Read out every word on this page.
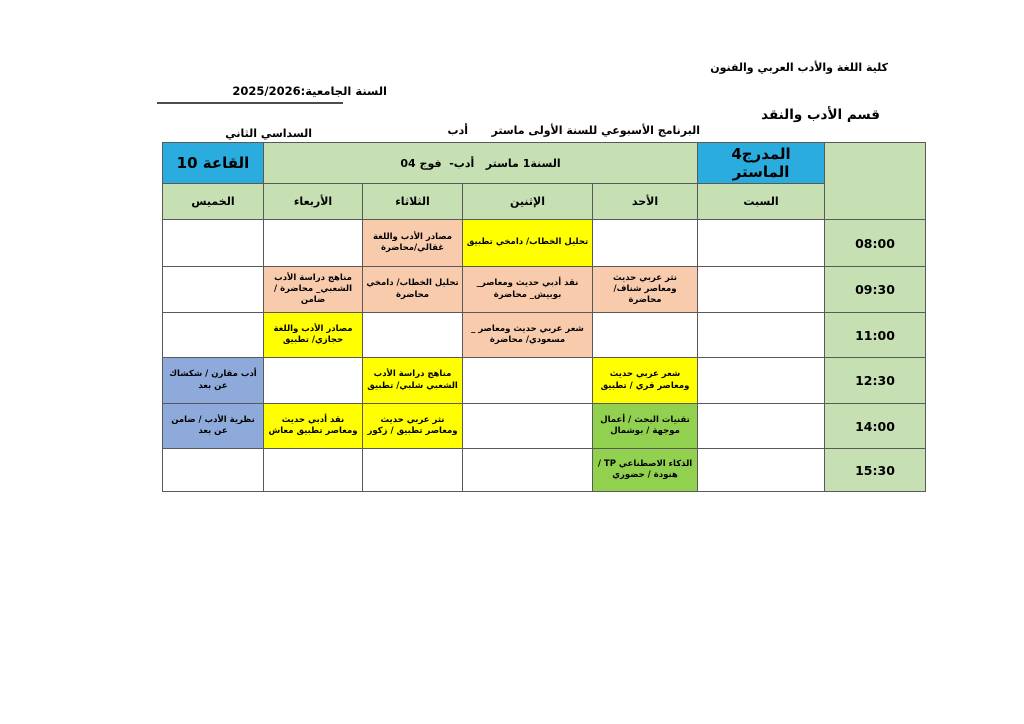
كلية اللغة والأدب العربي والفنون
السنة الجامعية:2025/2026
قسم الأدب والنقد
البرنامج الأسبوعي للسنة الأولى ماستر
أدب
السداسي الثاني
	المدرج4 الماستر	السنة1 ماستر   أدب-  فوج 04				القاعة 10
	السبت	الأحد	الإثنين	الثلاثاء	الأربعاء	الخميس
08:00			تحليل الخطاب/ دامخي تطبيق	مصادر الأدب واللغة غقالي/محاضرة		
09:30		نثر عربي حديث ومعاصر شناف/ محاضرة	نقد أدبي حديث ومعاصر_ بوبيش_ محاضرة	تحليل الخطاب/ دامخي محاضرة	مناهج دراسة الأدب الشعبي_ محاضرة / ضامن	
11:00			شعر عربي حديث ومعاصر _ مسعودي/ محاضرة		مصادر الأدب واللغة حجازي/ تطبيق	
12:30		شعر عربي حديث ومعاصر قري / تطبيق		مناهج دراسة الأدب الشعبي شلبي/ تطبيق		أدب مقارن / شكشاك عن بعد
14:00		تقنيات البحث / أعمال موجهة / بوشمال		نثر عربي حديث ومعاصر تطبيق / زكور	نقد أدبي حديث ومعاصر تطبيق معاش	نظرية الأدب / ضامن عن بعد
15:30		الذكاء الاصطناعي TP / هنودة / حضوري				
